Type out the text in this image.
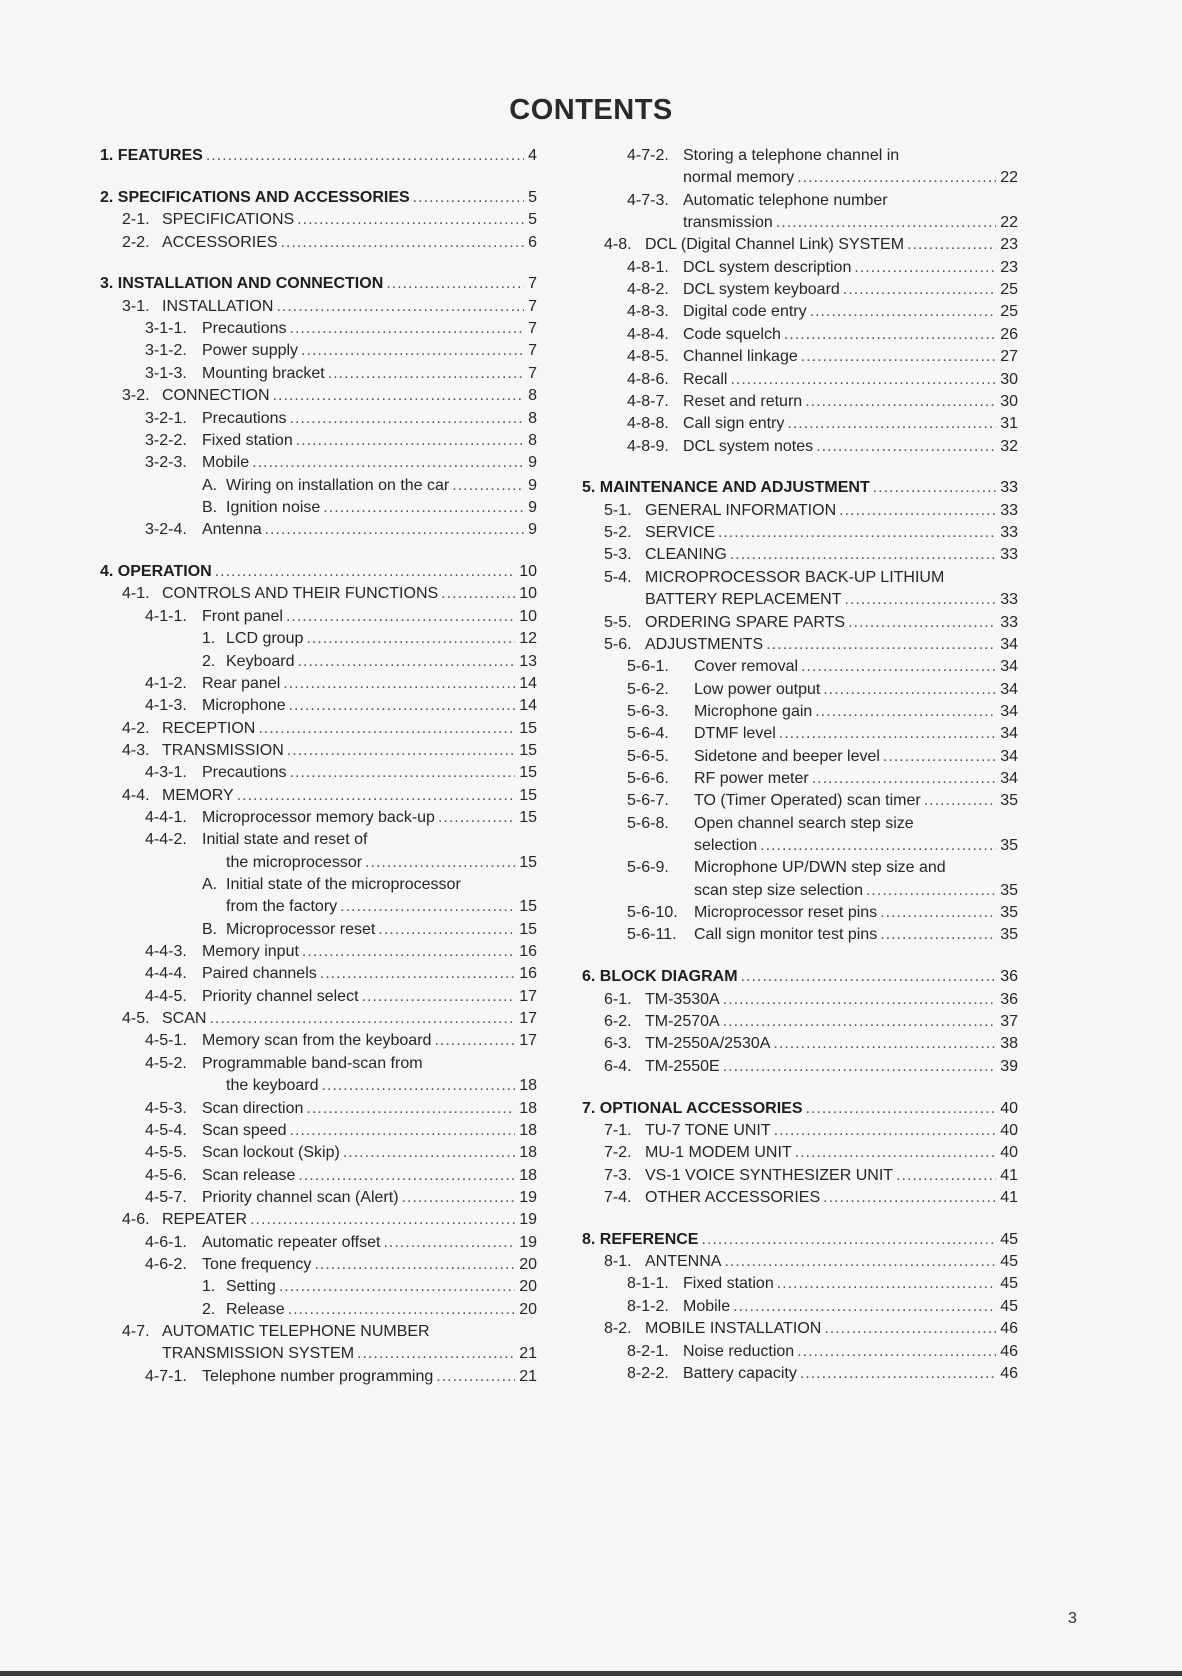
CONTENTS
1. FEATURES .....	4
2. SPECIFICATIONS AND ACCESSORIES .....	5
2-1. SPECIFICATIONS .....	5
2-2. ACCESSORIES .....	6
3. INSTALLATION AND CONNECTION .....	7
3-1. INSTALLATION .....	7
3-1-1. Precautions .....	7
3-1-2. Power supply .....	7
3-1-3. Mounting bracket .....	7
3-2. CONNECTION .....	8
3-2-1. Precautions .....	8
3-2-2. Fixed station .....	8
3-2-3. Mobile .....	9
A. Wiring on installation on the car .....	9
B. Ignition noise .....	9
3-2-4. Antenna .....	9
4. OPERATION .....	10
4-1. CONTROLS AND THEIR FUNCTIONS .....	10
4-1-1. Front panel .....	10
1. LCD group .....	12
2. Keyboard .....	13
4-1-2. Rear panel .....	14
4-1-3. Microphone .....	14
4-2. RECEPTION .....	15
4-3. TRANSMISSION .....	15
4-3-1. Precautions .....	15
4-4. MEMORY .....	15
4-4-1. Microprocessor memory back-up .....	15
4-4-2. Initial state and reset of
the microprocessor .....	15
A. Initial state of the microprocessor
from the factory .....	15
B. Microprocessor reset .....	15
4-4-3. Memory input .....	16
4-4-4. Paired channels .....	16
4-4-5. Priority channel select .....	17
4-5. SCAN .....	17
4-5-1. Memory scan from the keyboard .....	17
4-5-2. Programmable band-scan from
the keyboard .....	18
4-5-3. Scan direction .....	18
4-5-4. Scan speed .....	18
4-5-5. Scan lockout (Skip) .....	18
4-5-6. Scan release .....	18
4-5-7. Priority channel scan (Alert) .....	19
4-6. REPEATER .....	19
4-6-1. Automatic repeater offset .....	19
4-6-2. Tone frequency .....	20
1. Setting .....	20
2. Release .....	20
4-7. AUTOMATIC TELEPHONE NUMBER
TRANSMISSION SYSTEM .....	21
4-7-1. Telephone number programming .....	21
4-7-2. Storing a telephone channel in
normal memory .....	22
4-7-3. Automatic telephone number
transmission .....	22
4-8. DCL (Digital Channel Link) SYSTEM .....	23
4-8-1. DCL system description .....	23
4-8-2. DCL system keyboard .....	25
4-8-3. Digital code entry .....	25
4-8-4. Code squelch .....	26
4-8-5. Channel linkage .....	27
4-8-6. Recall .....	30
4-8-7. Reset and return .....	30
4-8-8. Call sign entry .....	31
4-8-9. DCL system notes .....	32
5. MAINTENANCE AND ADJUSTMENT .....	33
5-1. GENERAL INFORMATION .....	33
5-2. SERVICE .....	33
5-3. CLEANING .....	33
5-4. MICROPROCESSOR BACK-UP LITHIUM
BATTERY REPLACEMENT .....	33
5-5. ORDERING SPARE PARTS .....	33
5-6. ADJUSTMENTS .....	34
5-6-1. Cover removal .....	34
5-6-2. Low power output .....	34
5-6-3. Microphone gain .....	34
5-6-4. DTMF level .....	34
5-6-5. Sidetone and beeper level .....	34
5-6-6. RF power meter .....	34
5-6-7. TO (Timer Operated) scan timer .....	35
5-6-8. Open channel search step size
selection .....	35
5-6-9. Microphone UP/DWN step size and
scan step size selection .....	35
5-6-10. Microprocessor reset pins .....	35
5-6-11. Call sign monitor test pins .....	35
6. BLOCK DIAGRAM .....	36
6-1. TM-3530A .....	36
6-2. TM-2570A .....	37
6-3. TM-2550A/2530A .....	38
6-4. TM-2550E .....	39
7. OPTIONAL ACCESSORIES .....	40
7-1. TU-7 TONE UNIT .....	40
7-2. MU-1 MODEM UNIT .....	40
7-3. VS-1 VOICE SYNTHESIZER UNIT .....	41
7-4. OTHER ACCESSORIES .....	41
8. REFERENCE .....	45
8-1. ANTENNA .....	45
8-1-1. Fixed station .....	45
8-1-2. Mobile .....	45
8-2. MOBILE INSTALLATION .....	46
8-2-1. Noise reduction .....	46
8-2-2. Battery capacity .....	46
3
